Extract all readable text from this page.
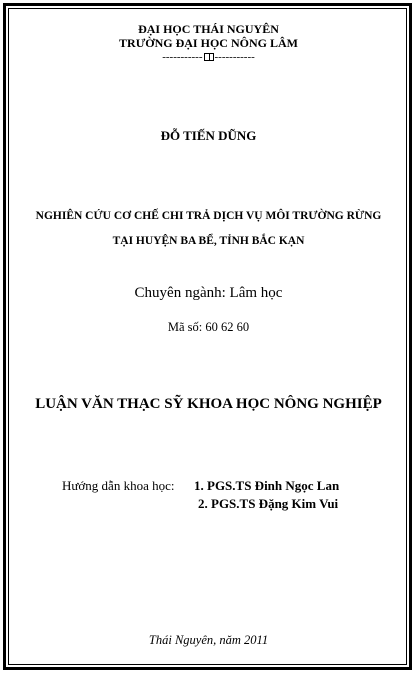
ĐẠI HỌC THÁI NGUYÊN
TRƯỜNG ĐẠI HỌC NÔNG LÂM
----------- -----------
ĐỖ TIẾN DŨNG
NGHIÊN CỨU CƠ CHẾ CHI TRẢ DỊCH VỤ MÔI TRƯỜNG RỪNG
TẠI HUYỆN BA BỂ, TỈNH BẮC KẠN
Chuyên ngành: Lâm học
Mã số: 60 62 60
LUẬN VĂN THẠC SỸ KHOA HỌC NÔNG NGHIỆP
Hướng dẫn khoa học:	1. PGS.TS Đinh Ngọc Lan
2. PGS.TS Đặng Kim Vui
Thái Nguyên, năm 2011
